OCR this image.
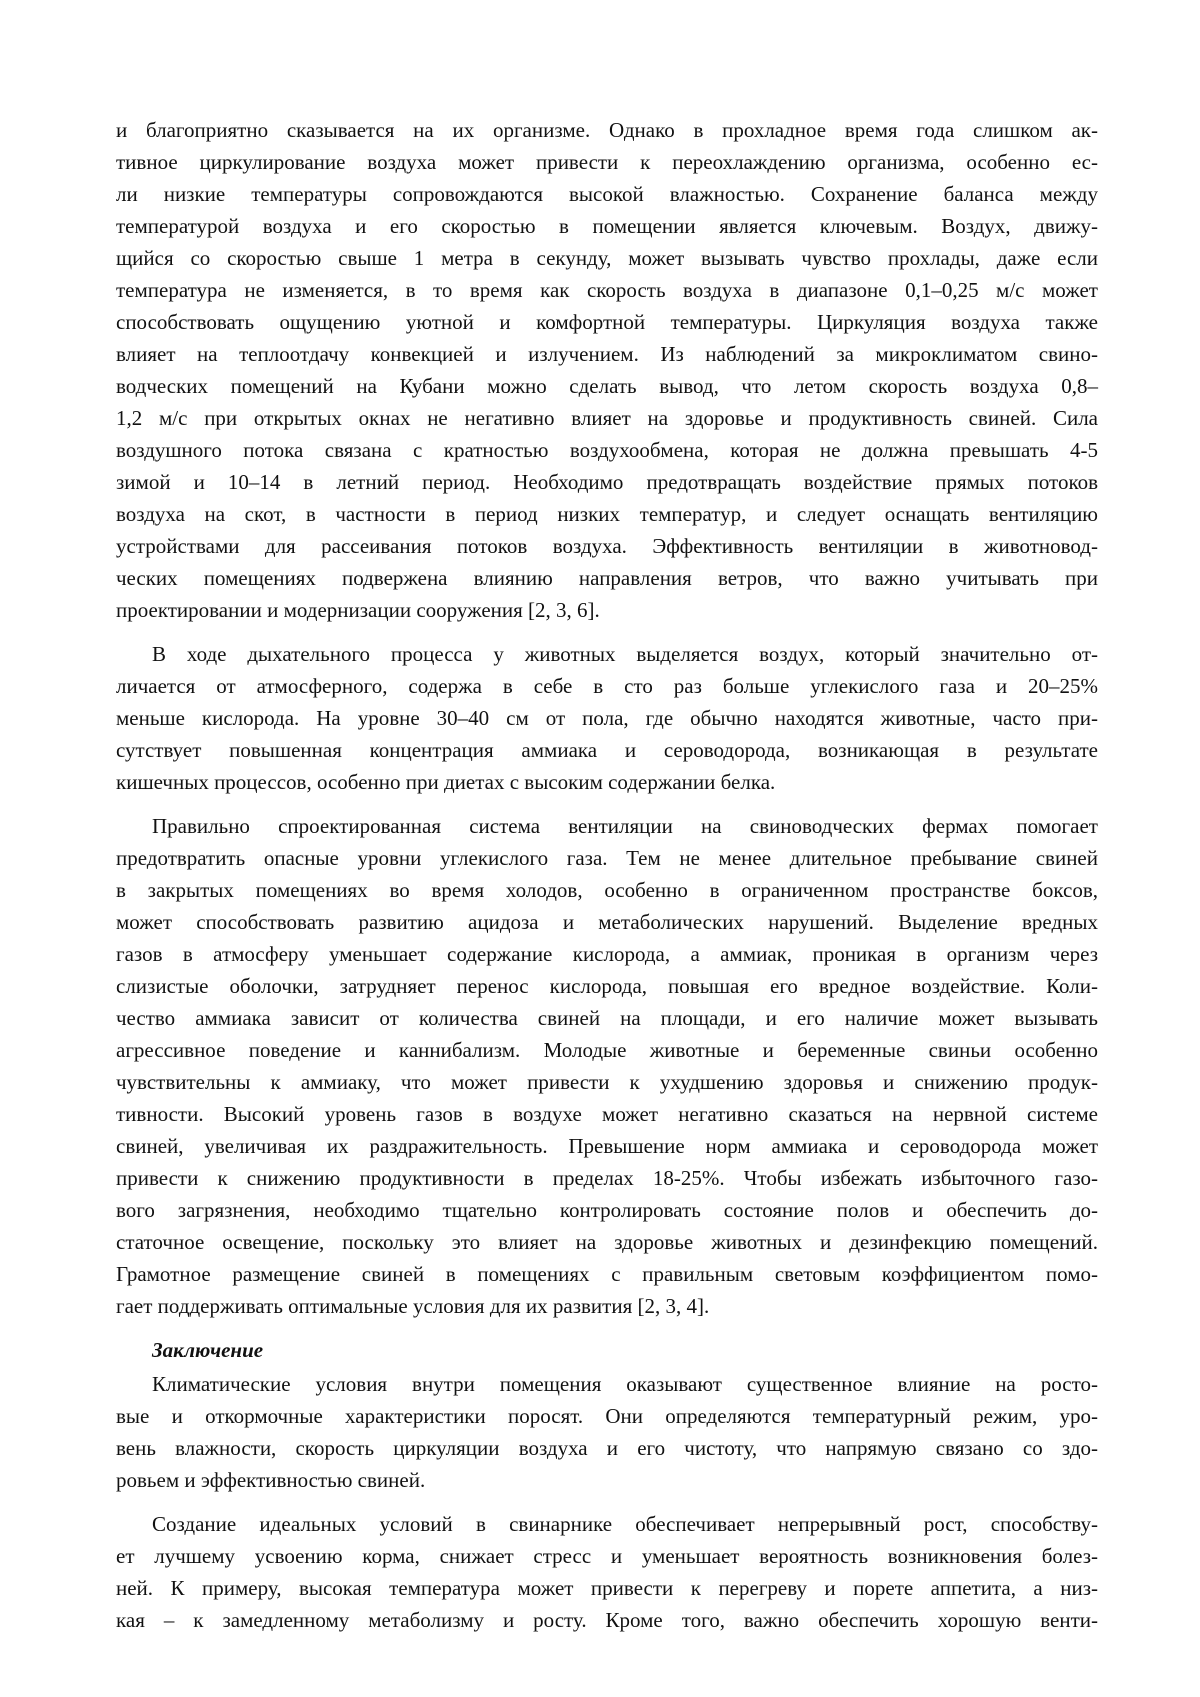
и благоприятно сказывается на их организме. Однако в прохладное время года слишком ак-
тивное циркулирование воздуха может привести к переохлаждению организма, особенно ес-
ли низкие температуры сопровождаются высокой влажностью. Сохранение баланса между
температурой воздуха и его скоростью в помещении является ключевым. Воздух, движу-
щийся со скоростью свыше 1 метра в секунду, может вызывать чувство прохлады, даже если
температура не изменяется, в то время как скорость воздуха в диапазоне 0,1–0,25 м/с может
способствовать ощущению уютной и комфортной температуры. Циркуляция воздуха также
влияет на теплоотдачу конвекцией и излучением. Из наблюдений за микроклиматом свино-
водческих помещений на Кубани можно сделать вывод, что летом скорость воздуха 0,8–
1,2 м/с при открытых окнах не негативно влияет на здоровье и продуктивность свиней. Сила
воздушного потока связана с кратностью воздухообмена, которая не должна превышать 4-5
зимой и 10–14 в летний период. Необходимо предотвращать воздействие прямых потоков
воздуха на скот, в частности в период низких температур, и следует оснащать вентиляцию
устройствами для рассеивания потоков воздуха. Эффективность вентиляции в животновод-
ческих помещениях подвержена влиянию направления ветров, что важно учитывать при
проектировании и модернизации сооружения [2, 3, 6].
В ходе дыхательного процесса у животных выделяется воздух, который значительно от-
личается от атмосферного, содержа в себе в сто раз больше углекислого газа и 20–25%
меньше кислорода. На уровне 30–40 см от пола, где обычно находятся животные, часто при-
сутствует повышенная концентрация аммиака и сероводорода, возникающая в результате
кишечных процессов, особенно при диетах с высоким содержании белка.
Правильно спроектированная система вентиляции на свиноводческих фермах помогает
предотвратить опасные уровни углекислого газа. Тем не менее длительное пребывание свиней
в закрытых помещениях во время холодов, особенно в ограниченном пространстве боксов,
может способствовать развитию ацидоза и метаболических нарушений. Выделение вредных
газов в атмосферу уменьшает содержание кислорода, а аммиак, проникая в организм через
слизистые оболочки, затрудняет перенос кислорода, повышая его вредное воздействие. Коли-
чество аммиака зависит от количества свиней на площади, и его наличие может вызывать
агрессивное поведение и каннибализм. Молодые животные и беременные свиньи особенно
чувствительны к аммиаку, что может привести к ухудшению здоровья и снижению продук-
тивности. Высокий уровень газов в воздухе может негативно сказаться на нервной системе
свиней, увеличивая их раздражительность. Превышение норм аммиака и сероводорода может
привести к снижению продуктивности в пределах 18-25%. Чтобы избежать избыточного газо-
вого загрязнения, необходимо тщательно контролировать состояние полов и обеспечить до-
статочное освещение, поскольку это влияет на здоровье животных и дезинфекцию помещений.
Грамотное размещение свиней в помещениях с правильным световым коэффициентом помо-
гает поддерживать оптимальные условия для их развития [2, 3, 4].
Заключение
Климатические условия внутри помещения оказывают существенное влияние на росто-
вые и откормочные характеристики поросят. Они определяются температурный режим, уро-
вень влажности, скорость циркуляции воздуха и его чистоту, что напрямую связано со здо-
ровьем и эффективностью свиней.
Создание идеальных условий в свинарнике обеспечивает непрерывный рост, способству-
ет лучшему усвоению корма, снижает стресс и уменьшает вероятность возникновения болез-
ней. К примеру, высокая температура может привести к перегреву и порете аппетита, а низ-
кая – к замедленному метаболизму и росту. Кроме того, важно обеспечить хорошую венти-
